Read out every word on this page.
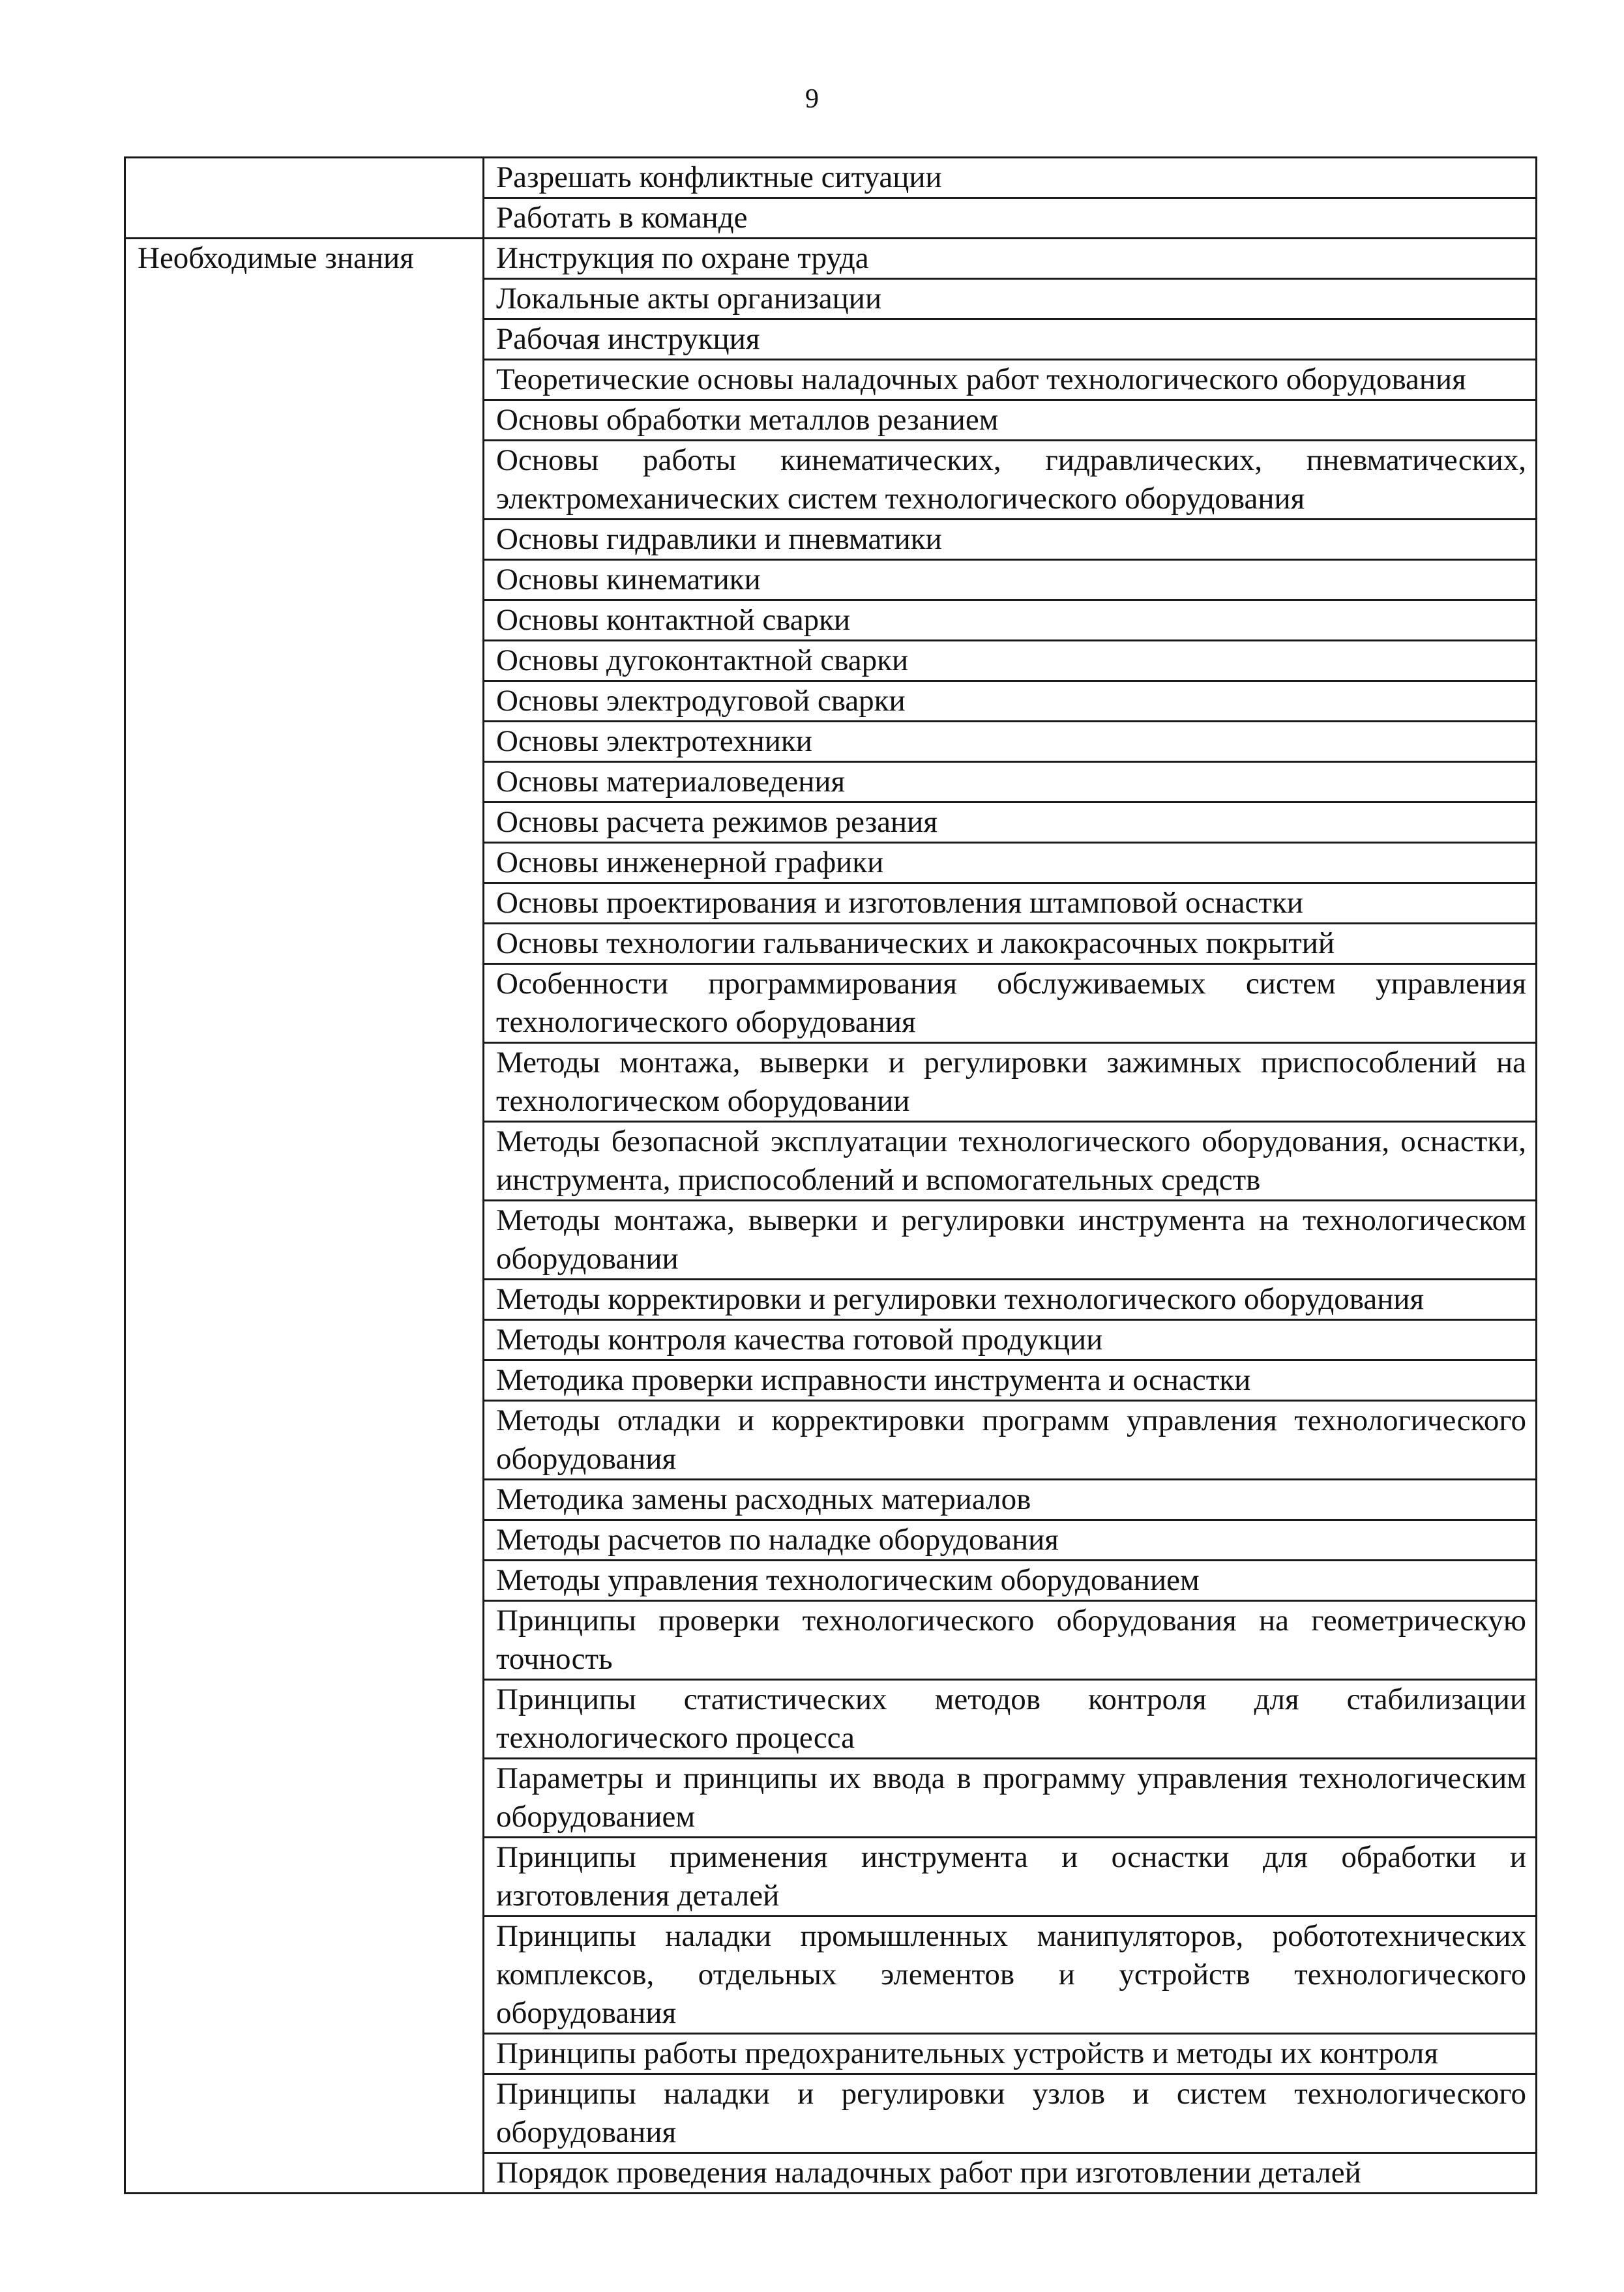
9
	Разрешать конфликтные ситуации
	Работать в команде
Необходимые знания	Инструкция по охране труда
	Локальные акты организации
	Рабочая инструкция
	Теоретические основы наладочных работ технологического оборудования
	Основы обработки металлов резанием
	Основы работы кинематических, гидравлических, пневматических, электромеханических систем технологического оборудования
	Основы гидравлики и пневматики
	Основы кинематики
	Основы контактной сварки
	Основы дугоконтактной сварки
	Основы электродуговой сварки
	Основы электротехники
	Основы материаловедения
	Основы расчета режимов резания
	Основы инженерной графики
	Основы проектирования и изготовления штамповой оснастки
	Основы технологии гальванических и лакокрасочных покрытий
	Особенности программирования обслуживаемых систем управления технологического оборудования
	Методы монтажа, выверки и регулировки зажимных приспособлений на технологическом оборудовании
	Методы безопасной эксплуатации технологического оборудования, оснастки, инструмента, приспособлений и вспомогательных средств
	Методы монтажа, выверки и регулировки инструмента на технологическом оборудовании
	Методы корректировки и регулировки технологического оборудования
	Методы контроля качества готовой продукции
	Методика проверки исправности инструмента и оснастки
	Методы отладки и корректировки программ управления технологического оборудования
	Методика замены расходных материалов
	Методы расчетов по наладке оборудования
	Методы управления технологическим оборудованием
	Принципы проверки технологического оборудования на геометрическую точность
	Принципы статистических методов контроля для стабилизации технологического процесса
	Параметры и принципы их ввода в программу управления технологическим оборудованием
	Принципы применения инструмента и оснастки для обработки и изготовления деталей
	Принципы наладки промышленных манипуляторов, робототехнических комплексов, отдельных элементов и устройств технологического оборудования
	Принципы работы предохранительных устройств и методы их контроля
	Принципы наладки и регулировки узлов и систем технологического оборудования
	Порядок проведения наладочных работ при изготовлении деталей
